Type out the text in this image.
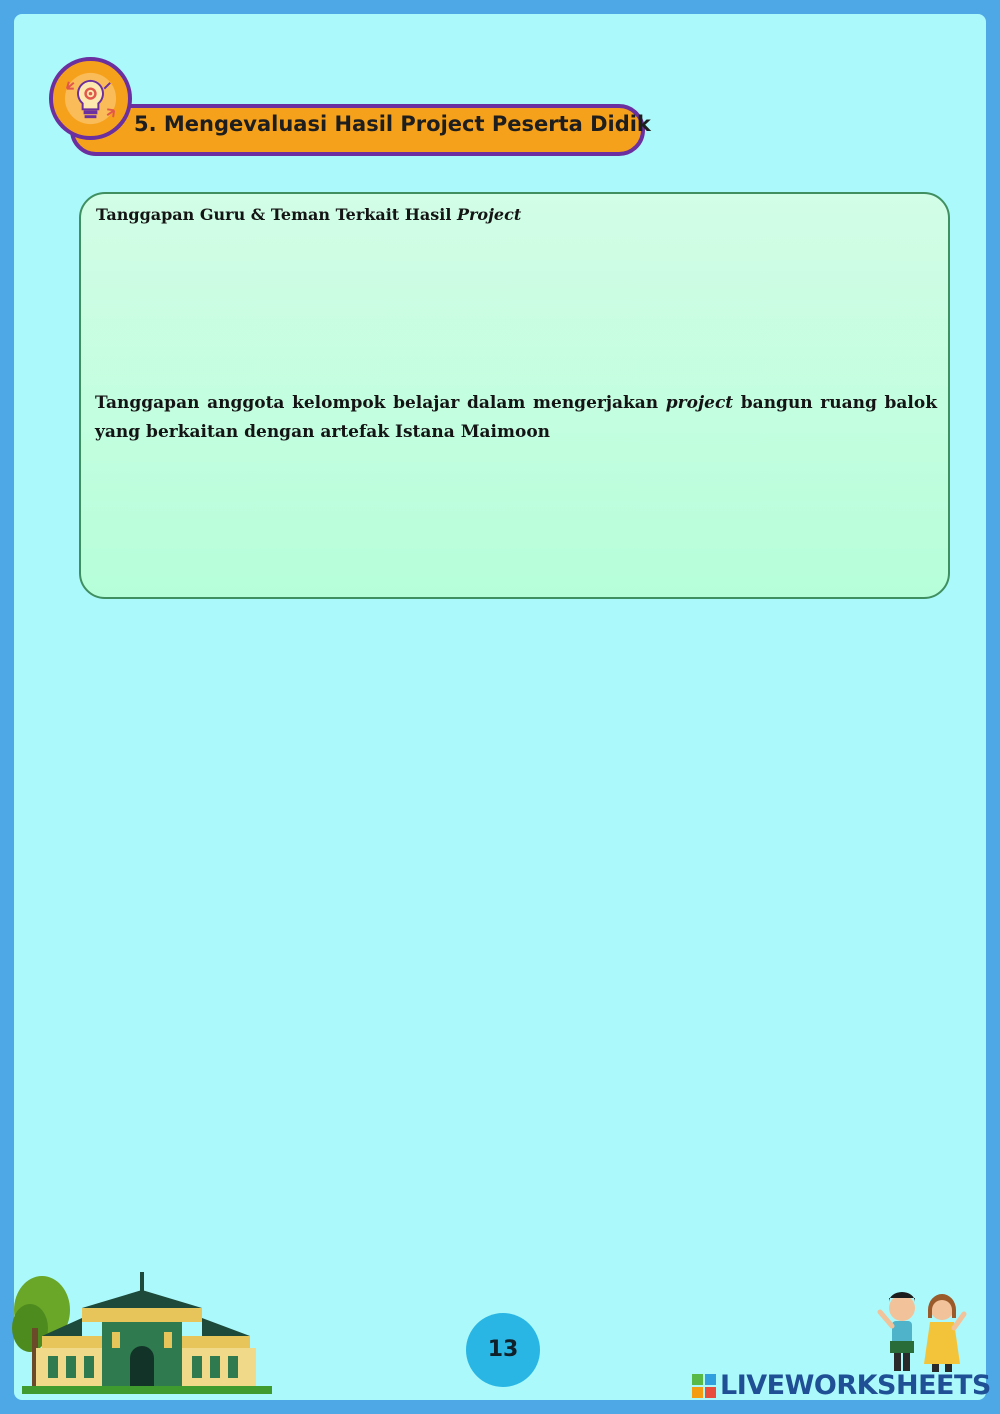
5. Mengevaluasi Hasil Project Peserta Didik
Tanggapan Guru & Teman Terkait Hasil Project
Tanggapan anggota kelompok belajar dalam mengerjakan project bangun ruang balok yang berkaitan dengan artefak Istana Maimoon
13
LIVEWORKSHEETS
